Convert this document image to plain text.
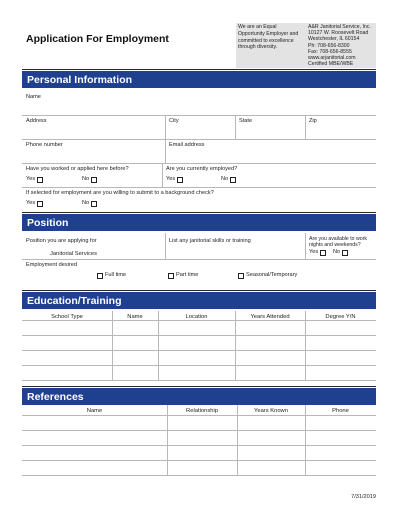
Application For Employment
We are an Equal
Opportunity Employer and
committed to excellence
through diversity.
A&R Janitorial Service, Inc.
10127 W. Roosevelt Road
Westchester, IL 60154
Ph: 708-656-8300
Fax: 708-656-8555
www.arjanitorial.com
Certified MBE/WBE
Personal Information
Name
Address	City	State	Zip
Phone number	Email address
Have you worked or applied here before?
Yes	No
Are you currently employed?
Yes	No
If selected for employment are you willing to submit to a background check?
Yes	No
Position
Position you are applying for
Janitorial Services
List any janitorial skills or training	Are you available to work
nights and weekends?
Yes	No
Employment desired
Full time	Part time	Seasonal/Temporary
Education/Training
School Type	Name	Location	Years Attended	Degree Y/N
References
Name	Relationship	Years Known	Phone
7/31/2019
